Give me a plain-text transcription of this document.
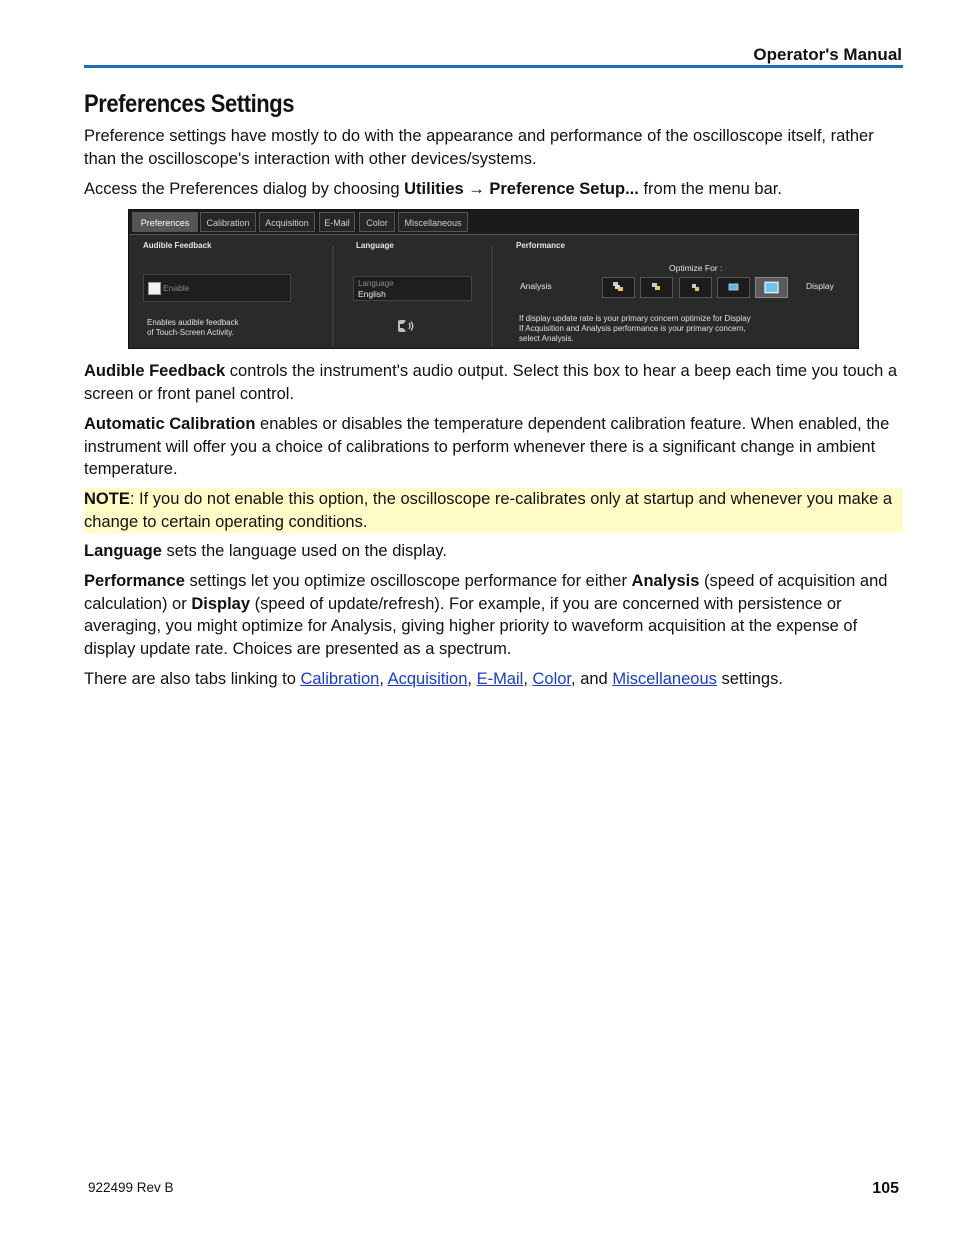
Operator's Manual
Preferences Settings

Preference settings have mostly to do with the appearance and performance of the oscilloscope itself, rather than the oscilloscope's interaction with other devices/systems.

Access the Preferences dialog by choosing Utilities → Preference Setup... from the menu bar.

Preferences	Calibration	Acquisition	E-Mail	Color	Miscellaneous
Audible Feedback	Language	Performance
Enable
Enables audible feedback
of Touch-Screen Activity.
Language
English
Optimize For :
Analysis	Display
If display update rate is your primary concern optimize for Display
If Acquisition and Analysis performance is your primary concern,
select Analysis.

Audible Feedback controls the instrument's audio output. Select this box to hear a beep each time you touch a screen or front panel control.

Automatic Calibration enables or disables the temperature dependent calibration feature. When enabled, the instrument will offer you a choice of calibrations to perform whenever there is a significant change in ambient temperature.

NOTE: If you do not enable this option, the oscilloscope re-calibrates only at startup and whenever you make a change to certain operating conditions.

Language sets the language used on the display.

Performance settings let you optimize oscilloscope performance for either Analysis (speed of acquisition and calculation) or Display (speed of update/refresh). For example, if you are concerned with persistence or averaging, you might optimize for Analysis, giving higher priority to waveform acquisition at the expense of display update rate. Choices are presented as a spectrum.

There are also tabs linking to Calibration, Acquisition, E-Mail, Color, and Miscellaneous settings.

922499 Rev B	105
